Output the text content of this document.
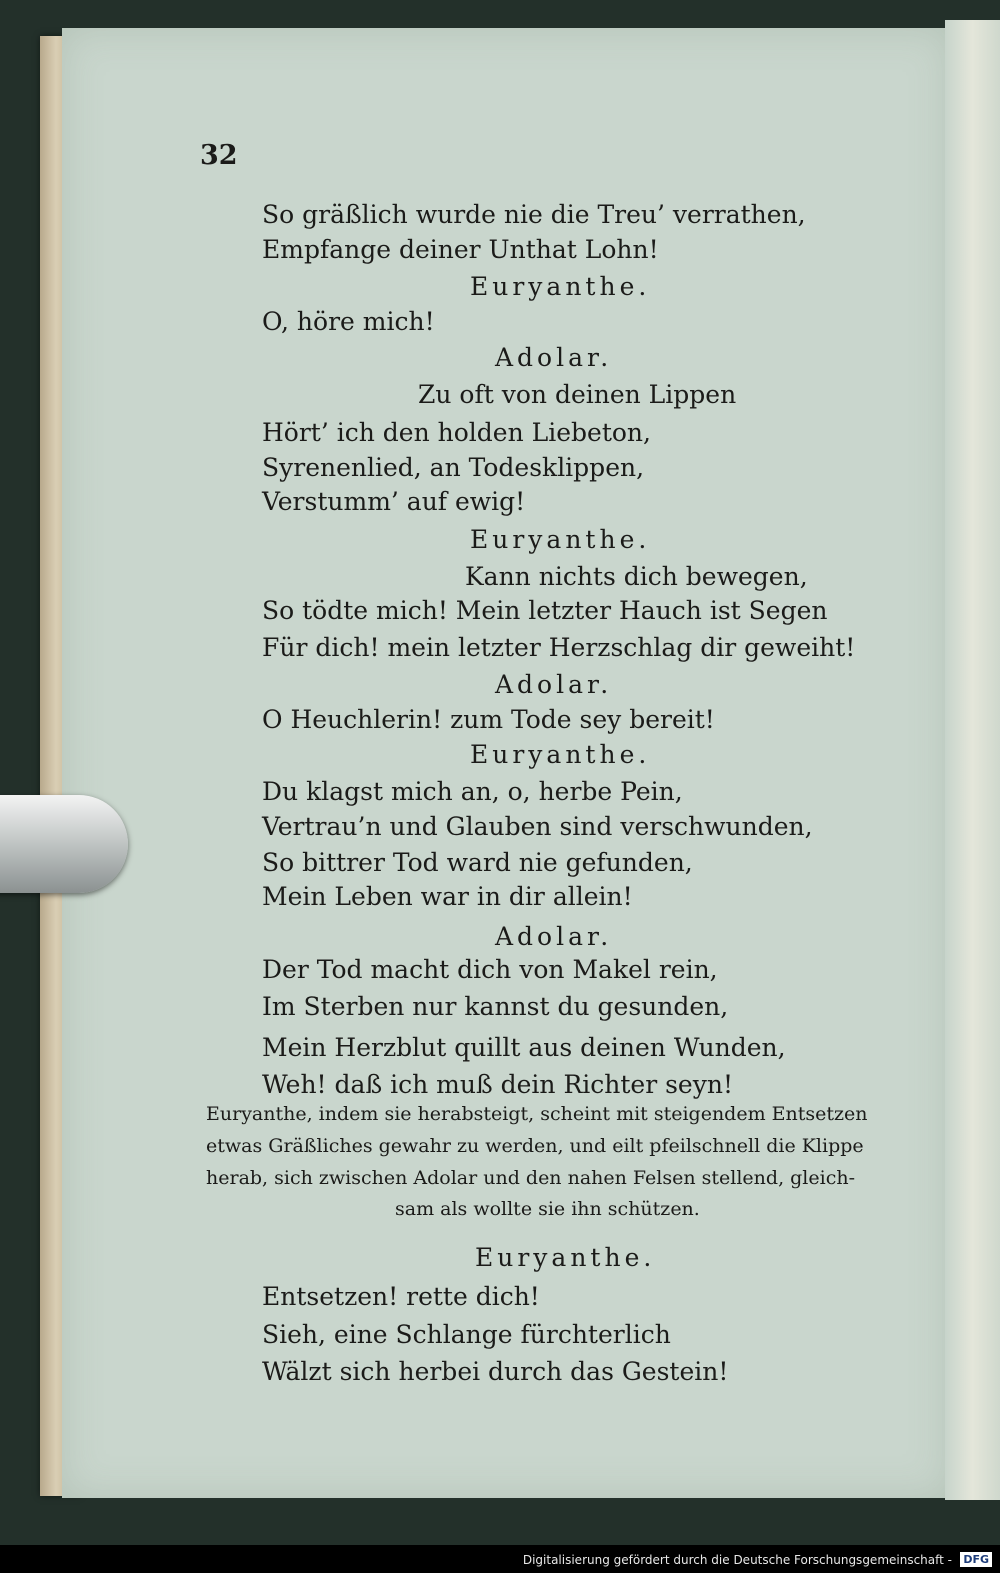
32
So gräßlich wurde nie die Treu’ verrathen,
Empfange deiner Unthat Lohn!
Euryanthe.
O, höre mich!
Adolar.
Zu oft von deinen Lippen
Hört’ ich den holden Liebeton,
Syrenenlied, an Todesklippen,
Verstumm’ auf ewig!
Euryanthe.
Kann nichts dich bewegen,
So tödte mich! Mein letzter Hauch ist Segen
Für dich! mein letzter Herzschlag dir geweiht!
Adolar.
O Heuchlerin! zum Tode sey bereit!
Euryanthe.
Du klagst mich an, o, herbe Pein,
Vertrau’n und Glauben sind verschwunden,
So bittrer Tod ward nie gefunden,
Mein Leben war in dir allein!
Adolar.
Der Tod macht dich von Makel rein,
Im Sterben nur kannst du gesunden,
Mein Herzblut quillt aus deinen Wunden,
Weh! daß ich muß dein Richter seyn!
Euryanthe, indem sie herabsteigt, scheint mit steigendem Entsetzen
etwas Gräßliches gewahr zu werden, und eilt pfeilschnell die Klippe
herab, sich zwischen Adolar und den nahen Felsen stellend, gleich-
sam als wollte sie ihn schützen.
Euryanthe.
Entsetzen! rette dich!
Sieh, eine Schlange fürchterlich
Wälzt sich herbei durch das Gestein!
Digitalisierung gefördert durch die Deutsche Forschungsgemeinschaft - DFG
